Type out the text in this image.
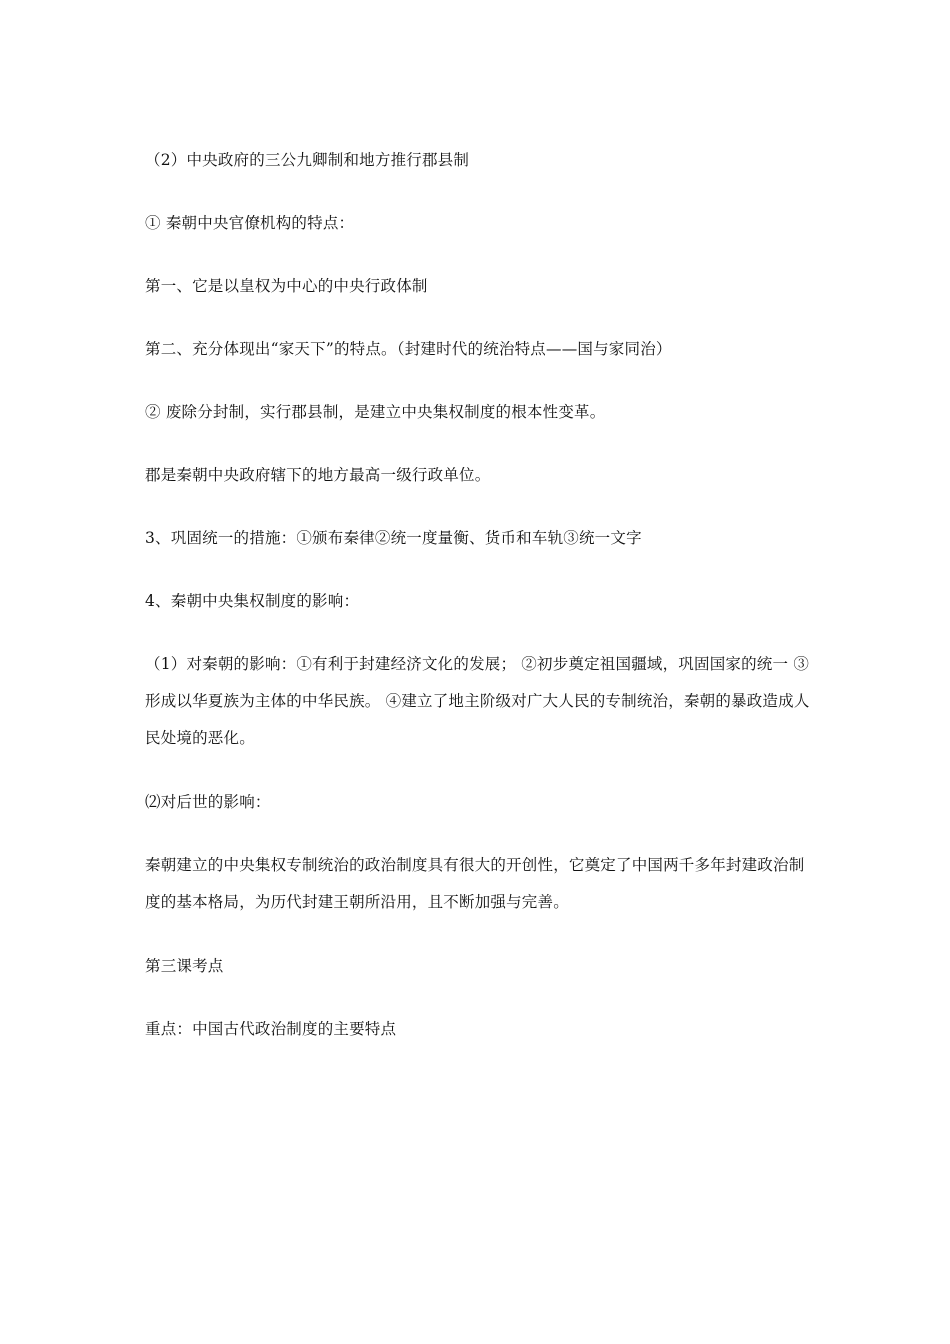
（2）中央政府的三公九卿制和地方推行郡县制

① 秦朝中央官僚机构的特点：

第一、它是以皇权为中心的中央行政体制

第二、充分体现出“家天下”的特点。（封建时代的统治特点——国与家同治）

② 废除分封制，实行郡县制，是建立中央集权制度的根本性变革。

郡是秦朝中央政府辖下的地方最高一级行政单位。

3、巩固统一的措施：①颁布秦律②统一度量衡、货币和车轨③统一文字

4、秦朝中央集权制度的影响：

（1）对秦朝的影响：①有利于封建经济文化的发展； ②初步奠定祖国疆域，巩固国家的统一 ③形成以华夏族为主体的中华民族。 ④建立了地主阶级对广大人民的专制统治，秦朝的暴政造成人民处境的恶化。

⑵对后世的影响：

秦朝建立的中央集权专制统治的政治制度具有很大的开创性，它奠定了中国两千多年封建政治制度的基本格局，为历代封建王朝所沿用，且不断加强与完善。

第三课考点

重点：中国古代政治制度的主要特点
